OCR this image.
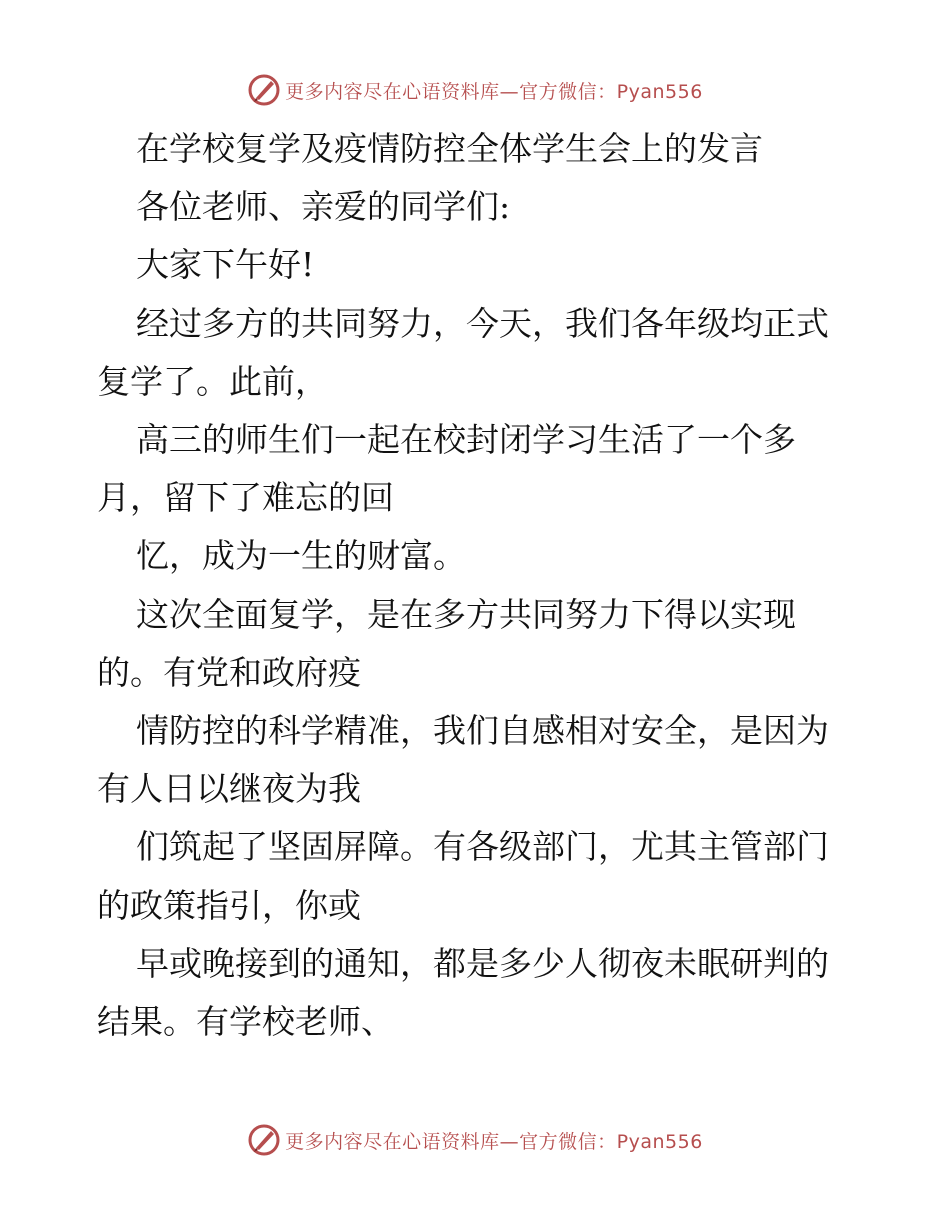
更多内容尽在心语资料库—官方微信：Pyan556

在学校复学及疫情防控全体学生会上的发言

各位老师、亲爱的同学们:

大家下午好!

经过多方的共同努力，今天，我们各年级均正式

复学了。此前，

高三的师生们一起在校封闭学习生活了一个多

月，留下了难忘的回

忆，成为一生的财富。

这次全面复学，是在多方共同努力下得以实现

的。有党和政府疫

情防控的科学精准，我们自感相对安全，是因为

有人日以继夜为我

们筑起了坚固屏障。有各级部门，尤其主管部门

的政策指引，你或

早或晚接到的通知，都是多少人彻夜未眠研判的

结果。有学校老师、

更多内容尽在心语资料库—官方微信：Pyan556
